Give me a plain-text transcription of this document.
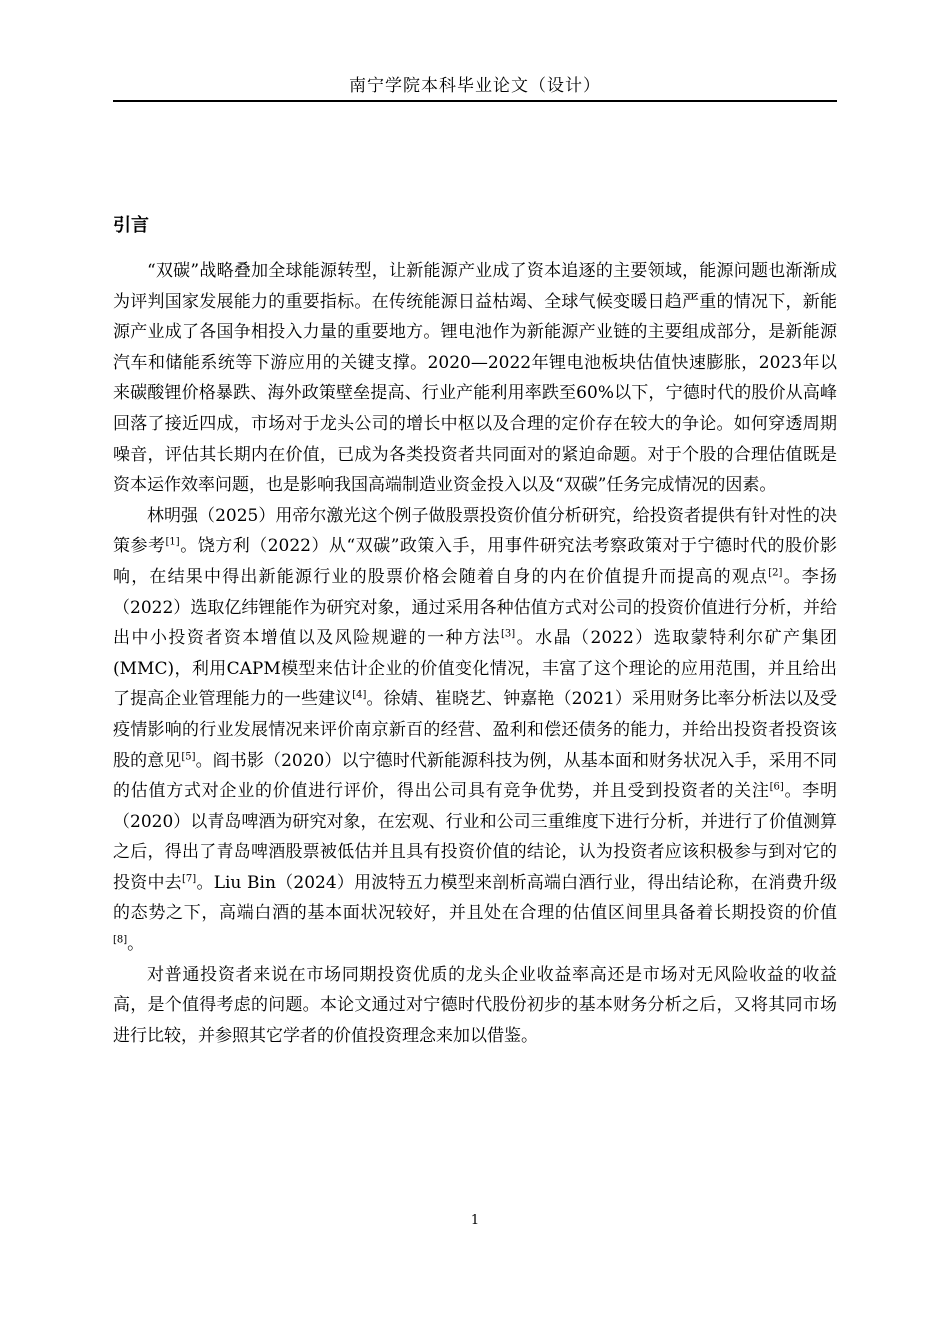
南宁学院本科毕业论文（设计）
引言

“双碳”战略叠加全球能源转型，让新能源产业成了资本追逐的主要领域，能源问题也渐渐成为评判国家发展能力的重要指标。在传统能源日益枯竭、全球气候变暖日趋严重的情况下，新能源产业成了各国争相投入力量的重要地方。锂电池作为新能源产业链的主要组成部分，是新能源汽车和储能系统等下游应用的关键支撑。2020—2022年锂电池板块估值快速膨胀，2023年以来碳酸锂价格暴跌、海外政策壁垒提高、行业产能利用率跌至60%以下，宁德时代的股价从高峰回落了接近四成，市场对于龙头公司的增长中枢以及合理的定价存在较大的争论。如何穿透周期噪音，评估其长期内在价值，已成为各类投资者共同面对的紧迫命题。对于个股的合理估值既是资本运作效率问题，也是影响我国高端制造业资金投入以及“双碳”任务完成情况的因素。

林明强（2025）用帝尔激光这个例子做股票投资价值分析研究，给投资者提供有针对性的决策参考[1]。饶方利（2022）从“双碳”政策入手，用事件研究法考察政策对于宁德时代的股价影响，在结果中得出新能源行业的股票价格会随着自身的内在价值提升而提高的观点[2]。李扬（2022）选取亿纬锂能作为研究对象，通过采用各种估值方式对公司的投资价值进行分析，并给出中小投资者资本增值以及风险规避的一种方法[3]。水晶（2022）选取蒙特利尔矿产集团(MMC)，利用CAPM模型来估计企业的价值变化情况，丰富了这个理论的应用范围，并且给出了提高企业管理能力的一些建议[4]。徐婧、崔晓艺、钟嘉艳（2021）采用财务比率分析法以及受疫情影响的行业发展情况来评价南京新百的经营、盈利和偿还债务的能力，并给出投资者投资该股的意见[5]。阎书影（2020）以宁德时代新能源科技为例，从基本面和财务状况入手，采用不同的估值方式对企业的价值进行评价，得出公司具有竞争优势，并且受到投资者的关注[6]。李明（2020）以青岛啤酒为研究对象，在宏观、行业和公司三重维度下进行分析，并进行了价值测算之后，得出了青岛啤酒股票被低估并且具有投资价值的结论，认为投资者应该积极参与到对它的投资中去[7]。Liu Bin（2024）用波特五力模型来剖析高端白酒行业，得出结论称，在消费升级的态势之下，高端白酒的基本面状况较好，并且处在合理的估值区间里具备着长期投资的价值[8]。

对普通投资者来说在市场同期投资优质的龙头企业收益率高还是市场对无风险收益的收益高，是个值得考虑的问题。本论文通过对宁德时代股份初步的基本财务分析之后，又将其同市场进行比较，并参照其它学者的价值投资理念来加以借鉴。

1
